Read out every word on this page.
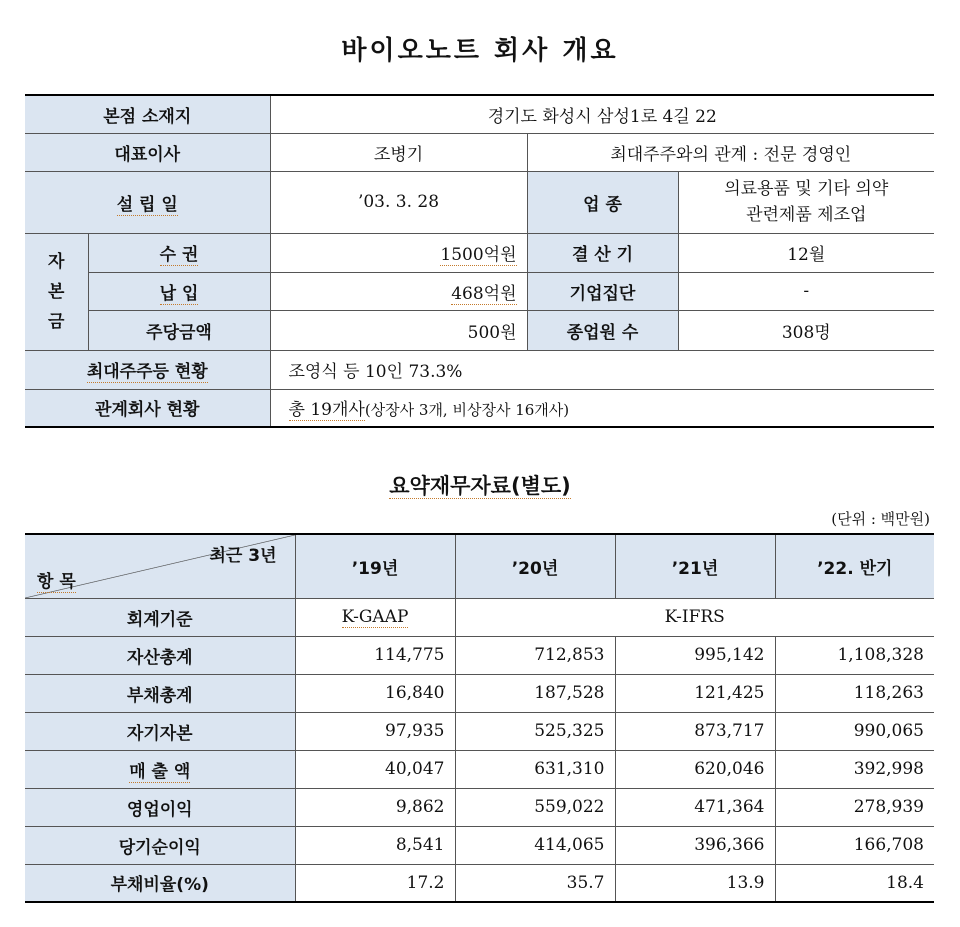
바이오노트 회사 개요
본점 소재지		경기도 화성시 삼성1로 4길 22		
대표이사		조병기	최대주주와의 관계 : 전문 경영인	
설 립 일		’03. 3. 28	업 종	의료용품 및 기타 의약
관련제품 제조업

자
본
금	수 권	1500억원	결 산 기	12월
	납 입	468억원	기업집단	-
	주당금액	500원	종업원 수	308명
최대주주등 현황		조영식 등 10인 73.3%		
관계회사 현황		총 19개사(상장사 3개, 비상장사 16개사)		
요약재무자료(별도)
(단위 : 백만원)
최근 3년
항 목	’19년	’20년	’21년	’22. 반기
회계기준	K-GAAP	K-IFRS		
자산총계	114,775	712,853	995,142	1,108,328
부채총계	16,840	187,528	121,425	118,263
자기자본	97,935	525,325	873,717	990,065
매 출 액	40,047	631,310	620,046	392,998
영업이익	9,862	559,022	471,364	278,939
당기순이익	8,541	414,065	396,366	166,708
부채비율(%)	17.2	35.7	13.9	18.4
